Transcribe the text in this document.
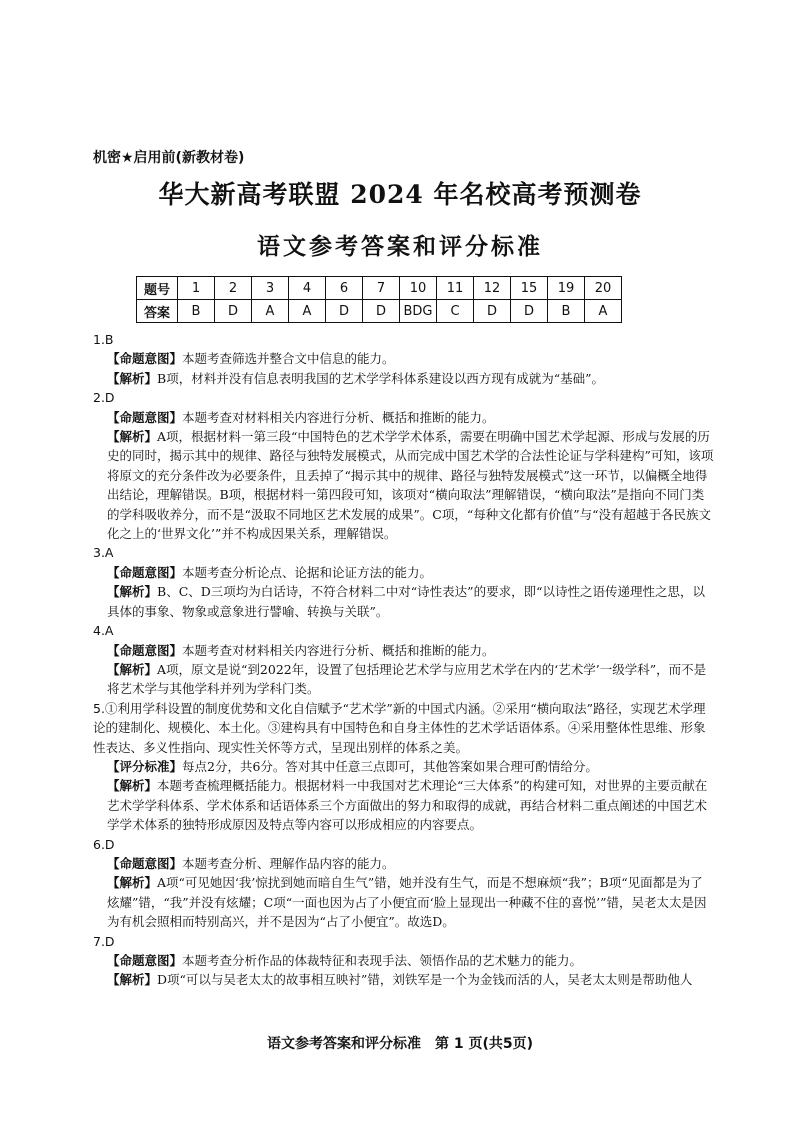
机密★启用前(新教材卷)
华大新高考联盟 2024 年名校高考预测卷
语文参考答案和评分标准
题号	1	2	3	4	6	7	10	11	12	15	19	20
答案	B	D	A	A	D	D	BDG	C	D	D	B	A
1.B
【命题意图】本题考查筛选并整合文中信息的能力。
【解析】B项，材料并没有信息表明我国的艺术学学科体系建设以西方现有成就为“基础”。
2.D
【命题意图】本题考查对材料相关内容进行分析、概括和推断的能力。
【解析】A项，根据材料一第三段“中国特色的艺术学学术体系，需要在明确中国艺术学起源、形成与发展的历史的同时，揭示其中的规律、路径与独特发展模式，从而完成中国艺术学的合法性论证与学科建构”可知，该项将原文的充分条件改为必要条件，且丢掉了“揭示其中的规律、路径与独特发展模式”这一环节，以偏概全地得出结论，理解错误。B项，根据材料一第四段可知，该项对“横向取法”理解错误，“横向取法”是指向不同门类的学科吸收养分，而不是“汲取不同地区艺术发展的成果”。C项，“每种文化都有价值”与“没有超越于各民族文化之上的‘世界文化’”并不构成因果关系，理解错误。
3.A
【命题意图】本题考查分析论点、论据和论证方法的能力。
【解析】B、C、D三项均为白话诗，不符合材料二中对“诗性表达”的要求，即“以诗性之语传递理性之思，以具体的事象、物象或意象进行譬喻、转换与关联”。
4.A
【命题意图】本题考查对材料相关内容进行分析、概括和推断的能力。
【解析】A项，原文是说“到2022年，设置了包括理论艺术学与应用艺术学在内的‘艺术学’一级学科”，而不是将艺术学与其他学科并列为学科门类。
5.①利用学科设置的制度优势和文化自信赋予“艺术学”新的中国式内涵。②采用“横向取法”路径，实现艺术学理论的建制化、规模化、本土化。③建构具有中国特色和自身主体性的艺术学话语体系。④采用整体性思维、形象性表达、多义性指向、现实性关怀等方式，呈现出别样的体系之美。
【评分标准】每点2分，共6分。答对其中任意三点即可，其他答案如果合理可酌情给分。
【解析】本题考查梳理概括能力。根据材料一中我国对艺术理论“三大体系”的构建可知，对世界的主要贡献在艺术学学科体系、学术体系和话语体系三个方面做出的努力和取得的成就，再结合材料二重点阐述的中国艺术学学术体系的独特形成原因及特点等内容可以形成相应的内容要点。
6.D
【命题意图】本题考查分析、理解作品内容的能力。
【解析】A项“可见她因‘我’惊扰到她而暗自生气”错，她并没有生气，而是不想麻烦“我”；B项“见面都是为了炫耀”错，“我”并没有炫耀；C项“一面也因为占了小便宜而‘脸上显现出一种藏不住的喜悦’”错，吴老太太是因为有机会照相而特别高兴，并不是因为“占了小便宜”。故选D。
7.D
【命题意图】本题考查分析作品的体裁特征和表现手法、领悟作品的艺术魅力的能力。
【解析】D项“可以与吴老太太的故事相互映衬”错，刘铁军是一个为金钱而活的人，吴老太太则是帮助他人
语文参考答案和评分标准　第 1 页(共5页)
